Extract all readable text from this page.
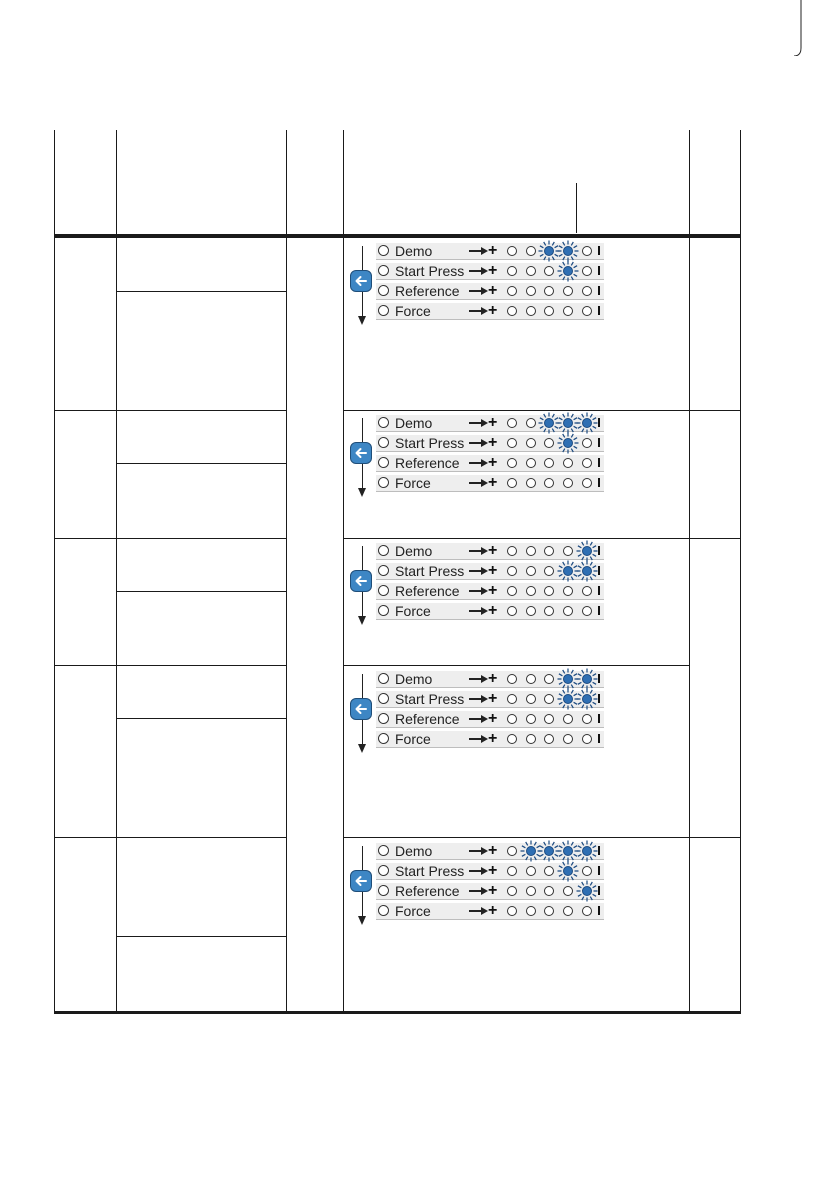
Demo	+
Start Press +
Reference +
Force	+
Demo	+
Start Press +
Reference +
Force	+
Demo	+
Start Press +
Reference +
Force	+
Demo	+
Start Press +
Reference +
Force	+
Demo	+
Start Press +
Reference +
Force	+
